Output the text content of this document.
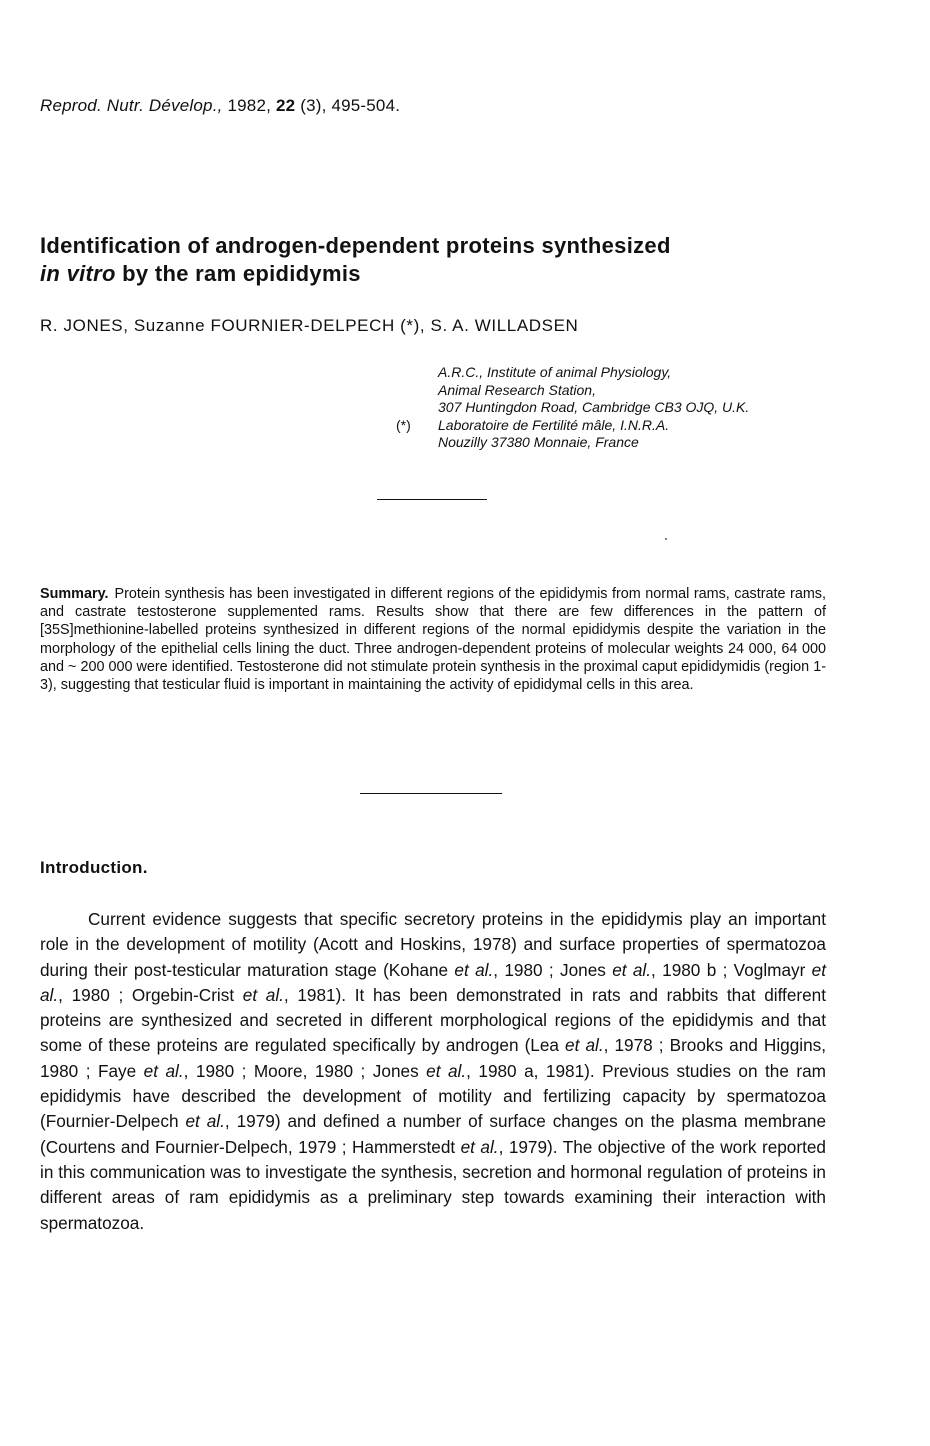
Reprod. Nutr. Dévelop., 1982, 22 (3), 495-504.
Identification of androgen-dependent proteins synthesized
in vitro by the ram epididymis
R. JONES, Suzanne FOURNIER-DELPECH (*), S. A. WILLADSEN
A.R.C., Institute of animal Physiology,
Animal Research Station,
307 Huntingdon Road, Cambridge CB3 OJQ, U.K.
(*) Laboratoire de Fertilité mâle, I.N.R.A.
Nouzilly 37380 Monnaie, France
Summary. Protein synthesis has been investigated in different regions of the epididymis from normal rams, castrate rams, and castrate testosterone supplemented rams. Results show that there are few differences in the pattern of [35S]methionine-labelled proteins synthesized in different regions of the normal epididymis despite the variation in the morphology of the epithelial cells lining the duct. Three androgen-dependent proteins of molecular weights 24 000, 64 000 and ~ 200 000 were identified. Testosterone did not stimulate protein synthesis in the proximal caput epididymidis (region 1-3), suggesting that testicular fluid is important in maintaining the activity of epididymal cells in this area.
Introduction.
Current evidence suggests that specific secretory proteins in the epididymis play an important role in the development of motility (Acott and Hoskins, 1978) and surface properties of spermatozoa during their post-testicular maturation stage (Kohane et al., 1980 ; Jones et al., 1980 b ; Voglmayr et al., 1980 ; Orgebin-Crist et al., 1981). It has been demonstrated in rats and rabbits that different proteins are synthesized and secreted in different morphological regions of the epididymis and that some of these proteins are regulated specifically by androgen (Lea et al., 1978 ; Brooks and Higgins, 1980 ; Faye et al., 1980 ; Moore, 1980 ; Jones et al., 1980 a, 1981). Previous studies on the ram epididymis have described the development of motility and fertilizing capacity by spermatozoa (Fournier-Delpech et al., 1979) and defined a number of surface changes on the plasma membrane (Courtens and Fournier-Delpech, 1979 ; Hammerstedt et al., 1979). The objective of the work reported in this communication was to investigate the synthesis, secretion and hormonal regulation of proteins in different areas of ram epididymis as a preliminary step towards examining their interaction with spermatozoa.
